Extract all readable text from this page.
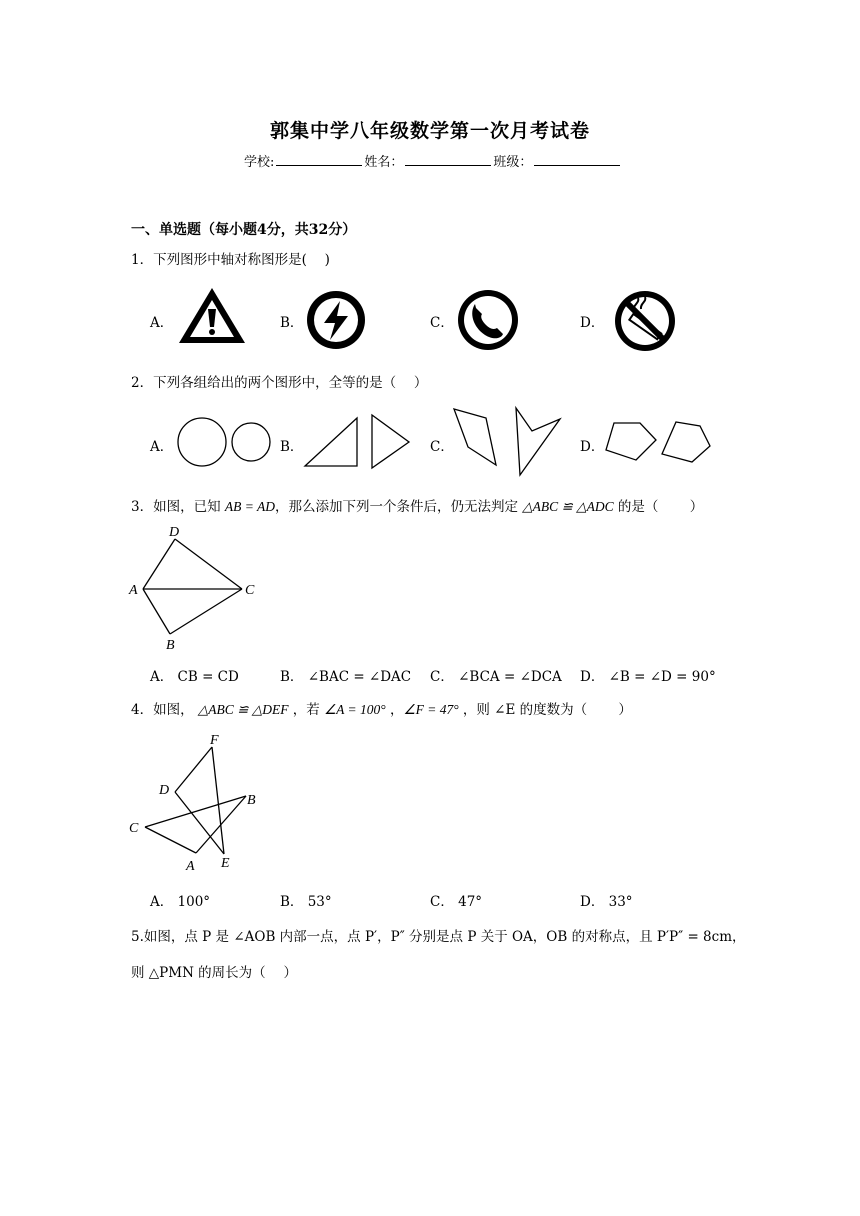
郭集中学八年级数学第一次月考试卷
学校:	姓名：	班级：
一、单选题（每小题4分，共32分）
1．下列图形中轴对称图形是(　 )
A．	B．	C．	D．
2．下列各组给出的两个图形中，全等的是（　 ）
A．	B．	C．	D．
3．如图，已知 AB = AD，那么添加下列一个条件后，仍无法判定 △ABC ≌ △ADC 的是（　　 ）
D
A	C
B
A． CB = CD	B． ∠BAC = ∠DAC C． ∠BCA = ∠DCA D． ∠B = ∠D = 90°
4．如图， △ABC ≌ △DEF ，若 ∠A = 100° ，∠F = 47° ，则 ∠E 的度数为（　　 ）
F
D
B
C
A E
A． 100°	B． 53°	C． 47°	D． 33°
5.如图，点 P 是 ∠AOB 内部一点，点 P′，P″ 分别是点 P 关于 OA，OB 的对称点，且 P′P″ = 8cm，
则 △PMN 的周长为（　 ）
